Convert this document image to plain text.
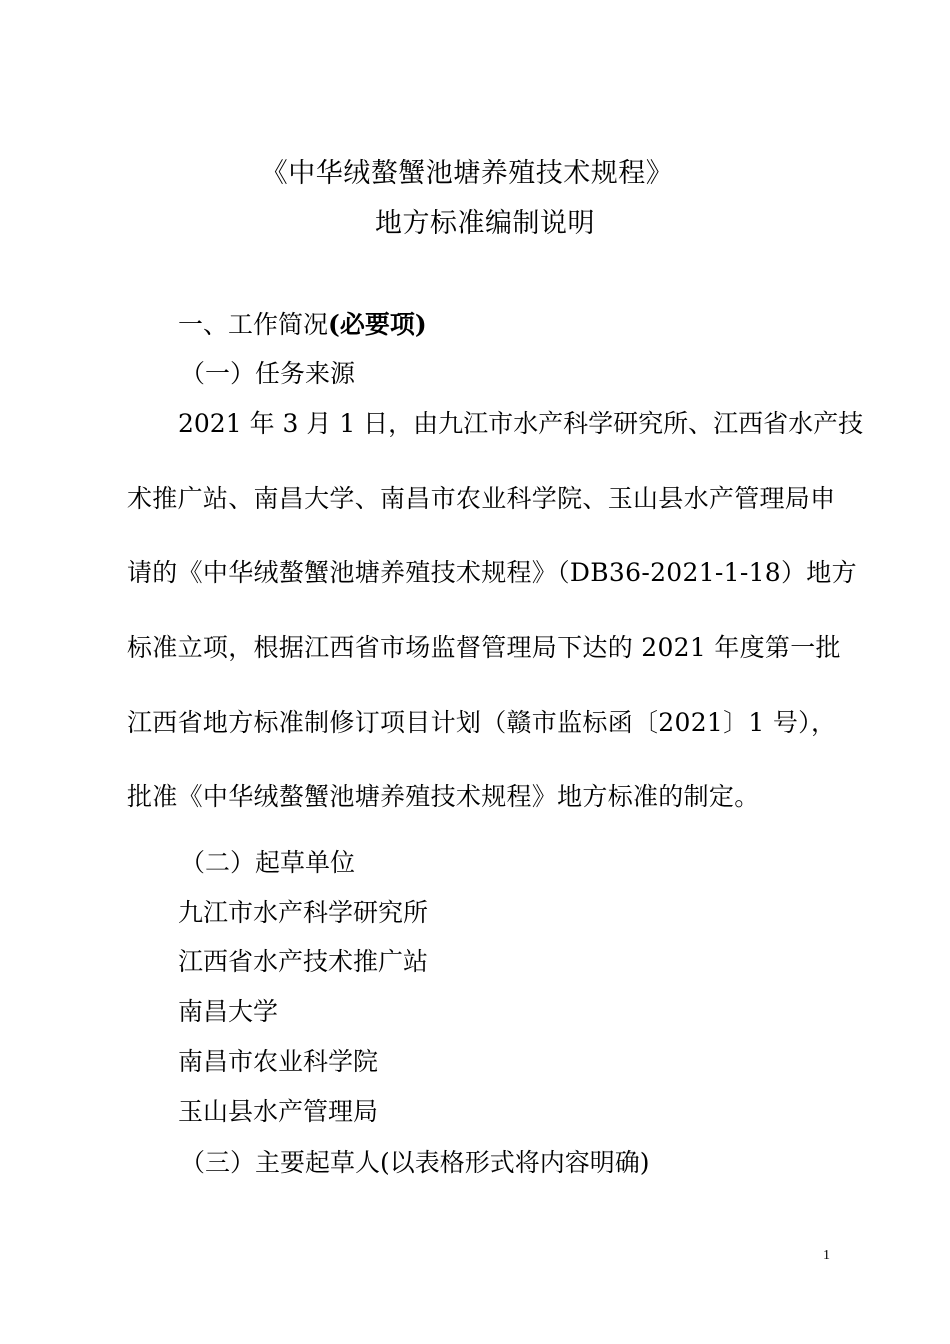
《中华绒螯蟹池塘养殖技术规程》
地方标准编制说明
一、工作简况(必要项)
（一）任务来源
2021 年 3 月 1 日，由九江市水产科学研究所、江西省水产技
术推广站、南昌大学、南昌市农业科学院、玉山县水产管理局申
请的《中华绒螯蟹池塘养殖技术规程》（DB36-2021-1-18）地方
标准立项，根据江西省市场监督管理局下达的 2021 年度第一批
江西省地方标准制修订项目计划（赣市监标函〔2021〕1 号），
批准《中华绒螯蟹池塘养殖技术规程》地方标准的制定。
（二）起草单位
九江市水产科学研究所
江西省水产技术推广站
南昌大学
南昌市农业科学院
玉山县水产管理局
（三）主要起草人(以表格形式将内容明确)
1
